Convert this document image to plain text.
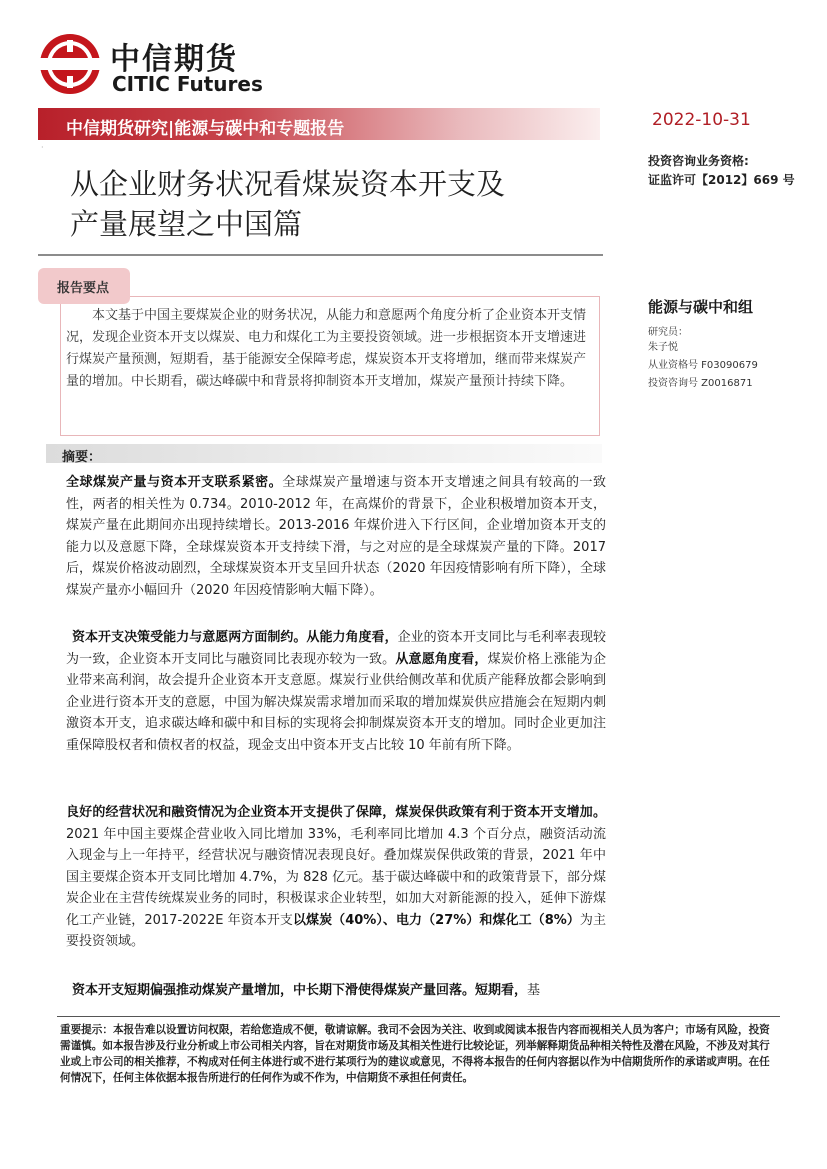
中信期货
CITIC Futures
中信期货研究|能源与碳中和专题报告
·
2022-10-31
投资咨询业务资格:
证监许可【2012】669 号
从企业财务状况看煤炭资本开支及
产量展望之中国篇
报告要点
本文基于中国主要煤炭企业的财务状况，从能力和意愿两个角度分析了企业资本开支情况，发现企业资本开支以煤炭、电力和煤化工为主要投资领域。进一步根据资本开支增速进行煤炭产量预测，短期看，基于能源安全保障考虑，煤炭资本开支将增加，继而带来煤炭产量的增加。中长期看，碳达峰碳中和背景将抑制资本开支增加，煤炭产量预计持续下降。
能源与碳中和组
研究员：
朱子悦
从业资格号 F03090679
投资咨询号 Z0016871
摘要：
全球煤炭产量与资本开支联系紧密。全球煤炭产量增速与资本开支增速之间具有较高的一致性，两者的相关性为 0.734。2010-2012 年，在高煤价的背景下，企业积极增加资本开支，煤炭产量在此期间亦出现持续增长。2013-2016 年煤价进入下行区间，企业增加资本开支的能力以及意愿下降，全球煤炭资本开支持续下滑，与之对应的是全球煤炭产量的下降。2017 后，煤炭价格波动剧烈，全球煤炭资本开支呈回升状态（2020 年因疫情影响有所下降），全球煤炭产量亦小幅回升（2020 年因疫情影响大幅下降）。
资本开支决策受能力与意愿两方面制约。从能力角度看，企业的资本开支同比与毛利率表现较为一致，企业资本开支同比与融资同比表现亦较为一致。从意愿角度看，煤炭价格上涨能为企业带来高利润，故会提升企业资本开支意愿。煤炭行业供给侧改革和优质产能释放都会影响到企业进行资本开支的意愿，中国为解决煤炭需求增加而采取的增加煤炭供应措施会在短期内刺激资本开支，追求碳达峰和碳中和目标的实现将会抑制煤炭资本开支的增加。同时企业更加注重保障股权者和债权者的权益，现金支出中资本开支占比较 10 年前有所下降。
良好的经营状况和融资情况为企业资本开支提供了保障，煤炭保供政策有利于资本开支增加。2021 年中国主要煤企营业收入同比增加 33%，毛利率同比增加 4.3 个百分点，融资活动流入现金与上一年持平，经营状况与融资情况表现良好。叠加煤炭保供政策的背景，2021 年中国主要煤企资本开支同比增加 4.7%，为 828 亿元。基于碳达峰碳中和的政策背景下，部分煤炭企业在主营传统煤炭业务的同时，积极谋求企业转型，如加大对新能源的投入，延伸下游煤化工产业链，2017-2022E 年资本开支以煤炭（40%）、电力（27%）和煤化工（8%）为主要投资领域。
资本开支短期偏强推动煤炭产量增加，中长期下滑使得煤炭产量回落。短期看，基
重要提示：本报告难以设置访问权限，若给您造成不便，敬请谅解。我司不会因为关注、收到或阅读本报告内容而视相关人员为客户；市场有风险，投资需谨慎。如本报告涉及行业分析或上市公司相关内容，旨在对期货市场及其相关性进行比较论证，列举解释期货品种相关特性及潜在风险，不涉及对其行业或上市公司的相关推荐，不构成对任何主体进行或不进行某项行为的建议或意见，不得将本报告的任何内容据以作为中信期货所作的承诺或声明。在任何情况下，任何主体依据本报告所进行的任何作为或不作为，中信期货不承担任何责任。
